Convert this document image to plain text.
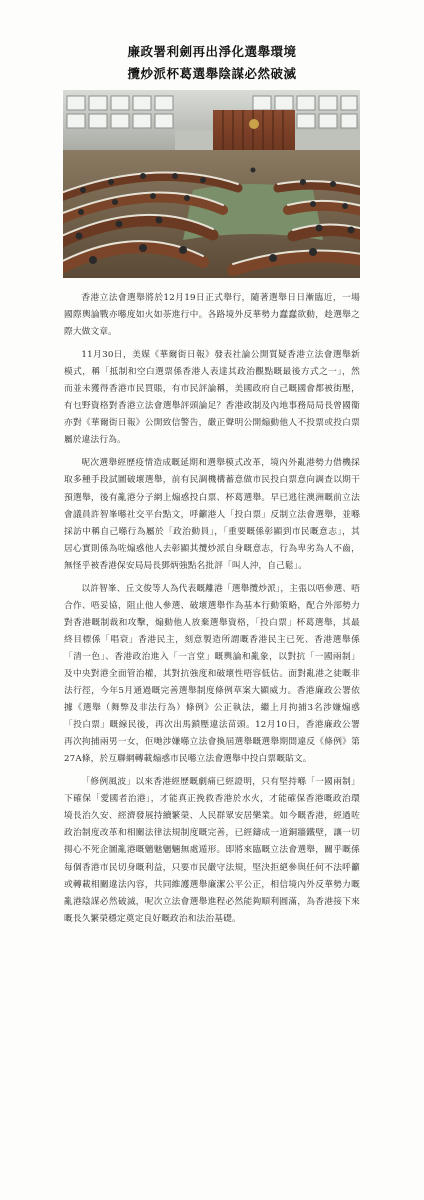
廉政署利劍再出淨化選舉環境
攬炒派杯葛選舉陰謀必然破滅

香港立法會選舉將於12月19日正式舉行，隨著選舉日日漸臨近，一場國際輿論戰亦喺度如火如荼進行中。各路境外反華勢力蠢蠢欲動，趁選舉之際大做文章。

11月30日，美媒《華爾街日報》發表社論公開質疑香港立法會選舉新模式，稱「抵制和空白選票係香港人表達其政治觀點嘅最後方式之一」，然而並未獲得香港市民買賬，有市民評論稱，美國政府自己嘅國會都被街壓，有乜野資格對香港立法會選舉評頭論足？香港政制及內地事務局局長曾國衞亦對《華爾街日報》公開致信警告，嚴正聲明公開煽動他人不投票或投白票屬於違法行為。

呢次選舉經歷疫情造成嘅延期和選舉模式改革，境內外亂港勢力借機採取多種手段試圖破壞選舉，前有民調機構蓄意做市民投白票意向調查以期干預選舉，後有亂港分子網上煽惑投白票、杯葛選舉。早已逃往澳洲嘅前立法會議員許智峯喺社交平台點文，呼籲港人「投白票」反制立法會選舉，並喺採訪中稱自己喺行為屬於「政治動員」，「重要嘅係彰顯到市民嘅意志」，其居心實則係為咗煽惑他人去彰顯其攬炒派自身嘅意志，行為卑劣為人不齒，無怪乎被香港保安局局長鄧炳強點名批評「叫人沖，自己鬆」。

以許智峯、丘文俊等人為代表嘅離港「選舉攬炒派」，主張以唔參選、唔合作、唔妥協，阻止他人參選、破壞選舉作為基本行動策略，配合外部勢力對香港嘅制裁和攻擊，煽動他人放棄選舉資格，「投白票」杯葛選舉，其最終目標係「唱衰」香港民主，刻意製造所謂嘅香港民主已死、香港選舉係「清一色」、香港政治進入「一言堂」嘅輿論和亂象，以對抗「一國兩制」及中央對港全面管治權，其對抗強度和破壞性唔容低估。面對亂港之徒嘅非法行徑，今年5月通過嘅完善選舉制度條例草案大顯威力。香港廉政公署依據《選舉（舞弊及非法行為）條例》公正執法，繼上月拘捕3名涉嫌煽惑「投白票」嘅線民後，再次出馬鎖壓違法苗頭。12月10日，香港廉政公署再次拘捕兩男一女，佢哋涉嫌喺立法會換屆選舉嘅選舉期間違反《條例》第27A條，於互聯網轉載煽惑市民喺立法會選舉中投白票嘅貼文。

「修例風波」以來香港經歷嘅劇痛已經證明，只有堅持喺「一國兩制」下確保「愛國者治港」，才能真正挽救香港於水火，才能確保香港嘅政治環境長治久安、經濟發展持續繁榮、人民群眾安居樂業。如今嘅香港，經過咗政治制度改革和相關法律法規制度嘅完善，已經鑄成一道銅牆鐵壁，讓一切揚心不死企圖亂港嘅魑魅魍魎無處遁形。即將來臨嘅立法會選舉，關乎嘅係每個香港市民切身嘅利益，只要市民嚴守法規，堅決拒絕參與任何不法呼籲或轉載相關違法內容，共同維護選舉廉潔公平公正，相信境內外反華勢力嘅亂港陰謀必然破滅，呢次立法會選舉進程必然能夠順利圓滿，為香港接下來嘅長久繁榮穩定奠定良好嘅政治和法治基礎。
